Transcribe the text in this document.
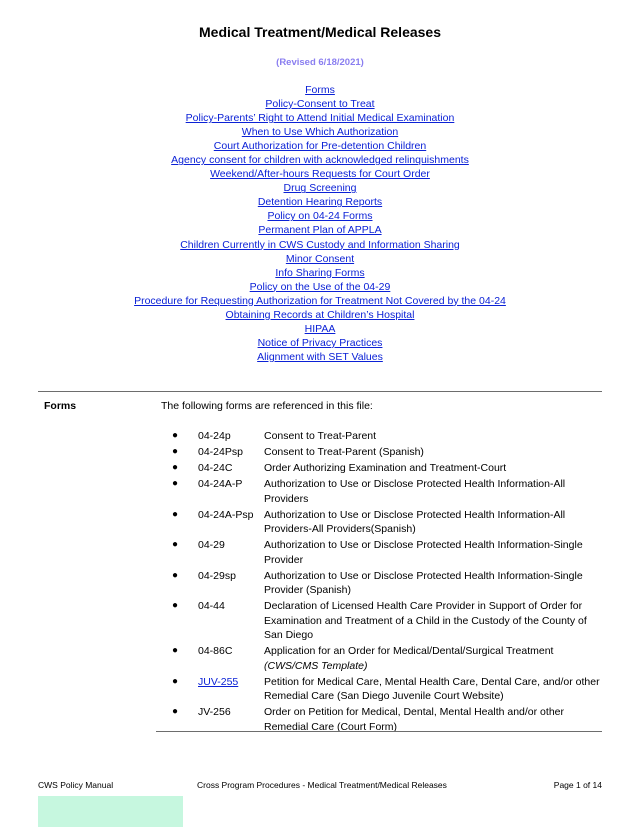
Medical Treatment/Medical Releases
(Revised 6/18/2021)
Forms
Policy-Consent to Treat
Policy-Parents’ Right to Attend Initial Medical Examination
When to Use Which Authorization
Court Authorization for Pre-detention Children
Agency consent for children with acknowledged relinquishments
Weekend/After-hours Requests for Court Order
Drug Screening
Detention Hearing Reports
Policy on 04-24 Forms
Permanent Plan of APPLA
Children Currently in CWS Custody and Information Sharing
Minor Consent
Info Sharing Forms
Policy on the Use of the 04-29
Procedure for Requesting Authorization for Treatment Not Covered by the 04-24
Obtaining Records at Children’s Hospital
HIPAA
Notice of Privacy Practices
Alignment with SET Values
Forms	The following forms are referenced in this file:
● 04-24p	Consent to Treat-Parent
● 04-24Psp Consent to Treat-Parent (Spanish)
● 04-24C	Order Authorizing Examination and Treatment-Court
● 04-24A-P Authorization to Use or Disclose Protected Health Information-All Providers
● 04-24A-Psp Authorization to Use or Disclose Protected Health Information-All Providers-All Providers(Spanish)
● 04-29	Authorization to Use or Disclose Protected Health Information-Single Provider
● 04-29sp	Authorization to Use or Disclose Protected Health Information-Single Provider (Spanish)
● 04-44	Declaration of Licensed Health Care Provider in Support of Order for Examination and Treatment of a Child in the Custody of the County of San Diego
● 04-86C	Application for an Order for Medical/Dental/Surgical Treatment
(CWS/CMS Template)
● JUV-255 Petition for Medical Care, Mental Health Care, Dental Care, and/or other Remedial Care (San Diego Juvenile Court Website)
● JV-256	Order on Petition for Medical, Dental, Mental Health and/or other Remedial Care (Court Form)
CWS Policy Manual	Cross Program Procedures - Medical Treatment/Medical Releases	Page 1 of 14
